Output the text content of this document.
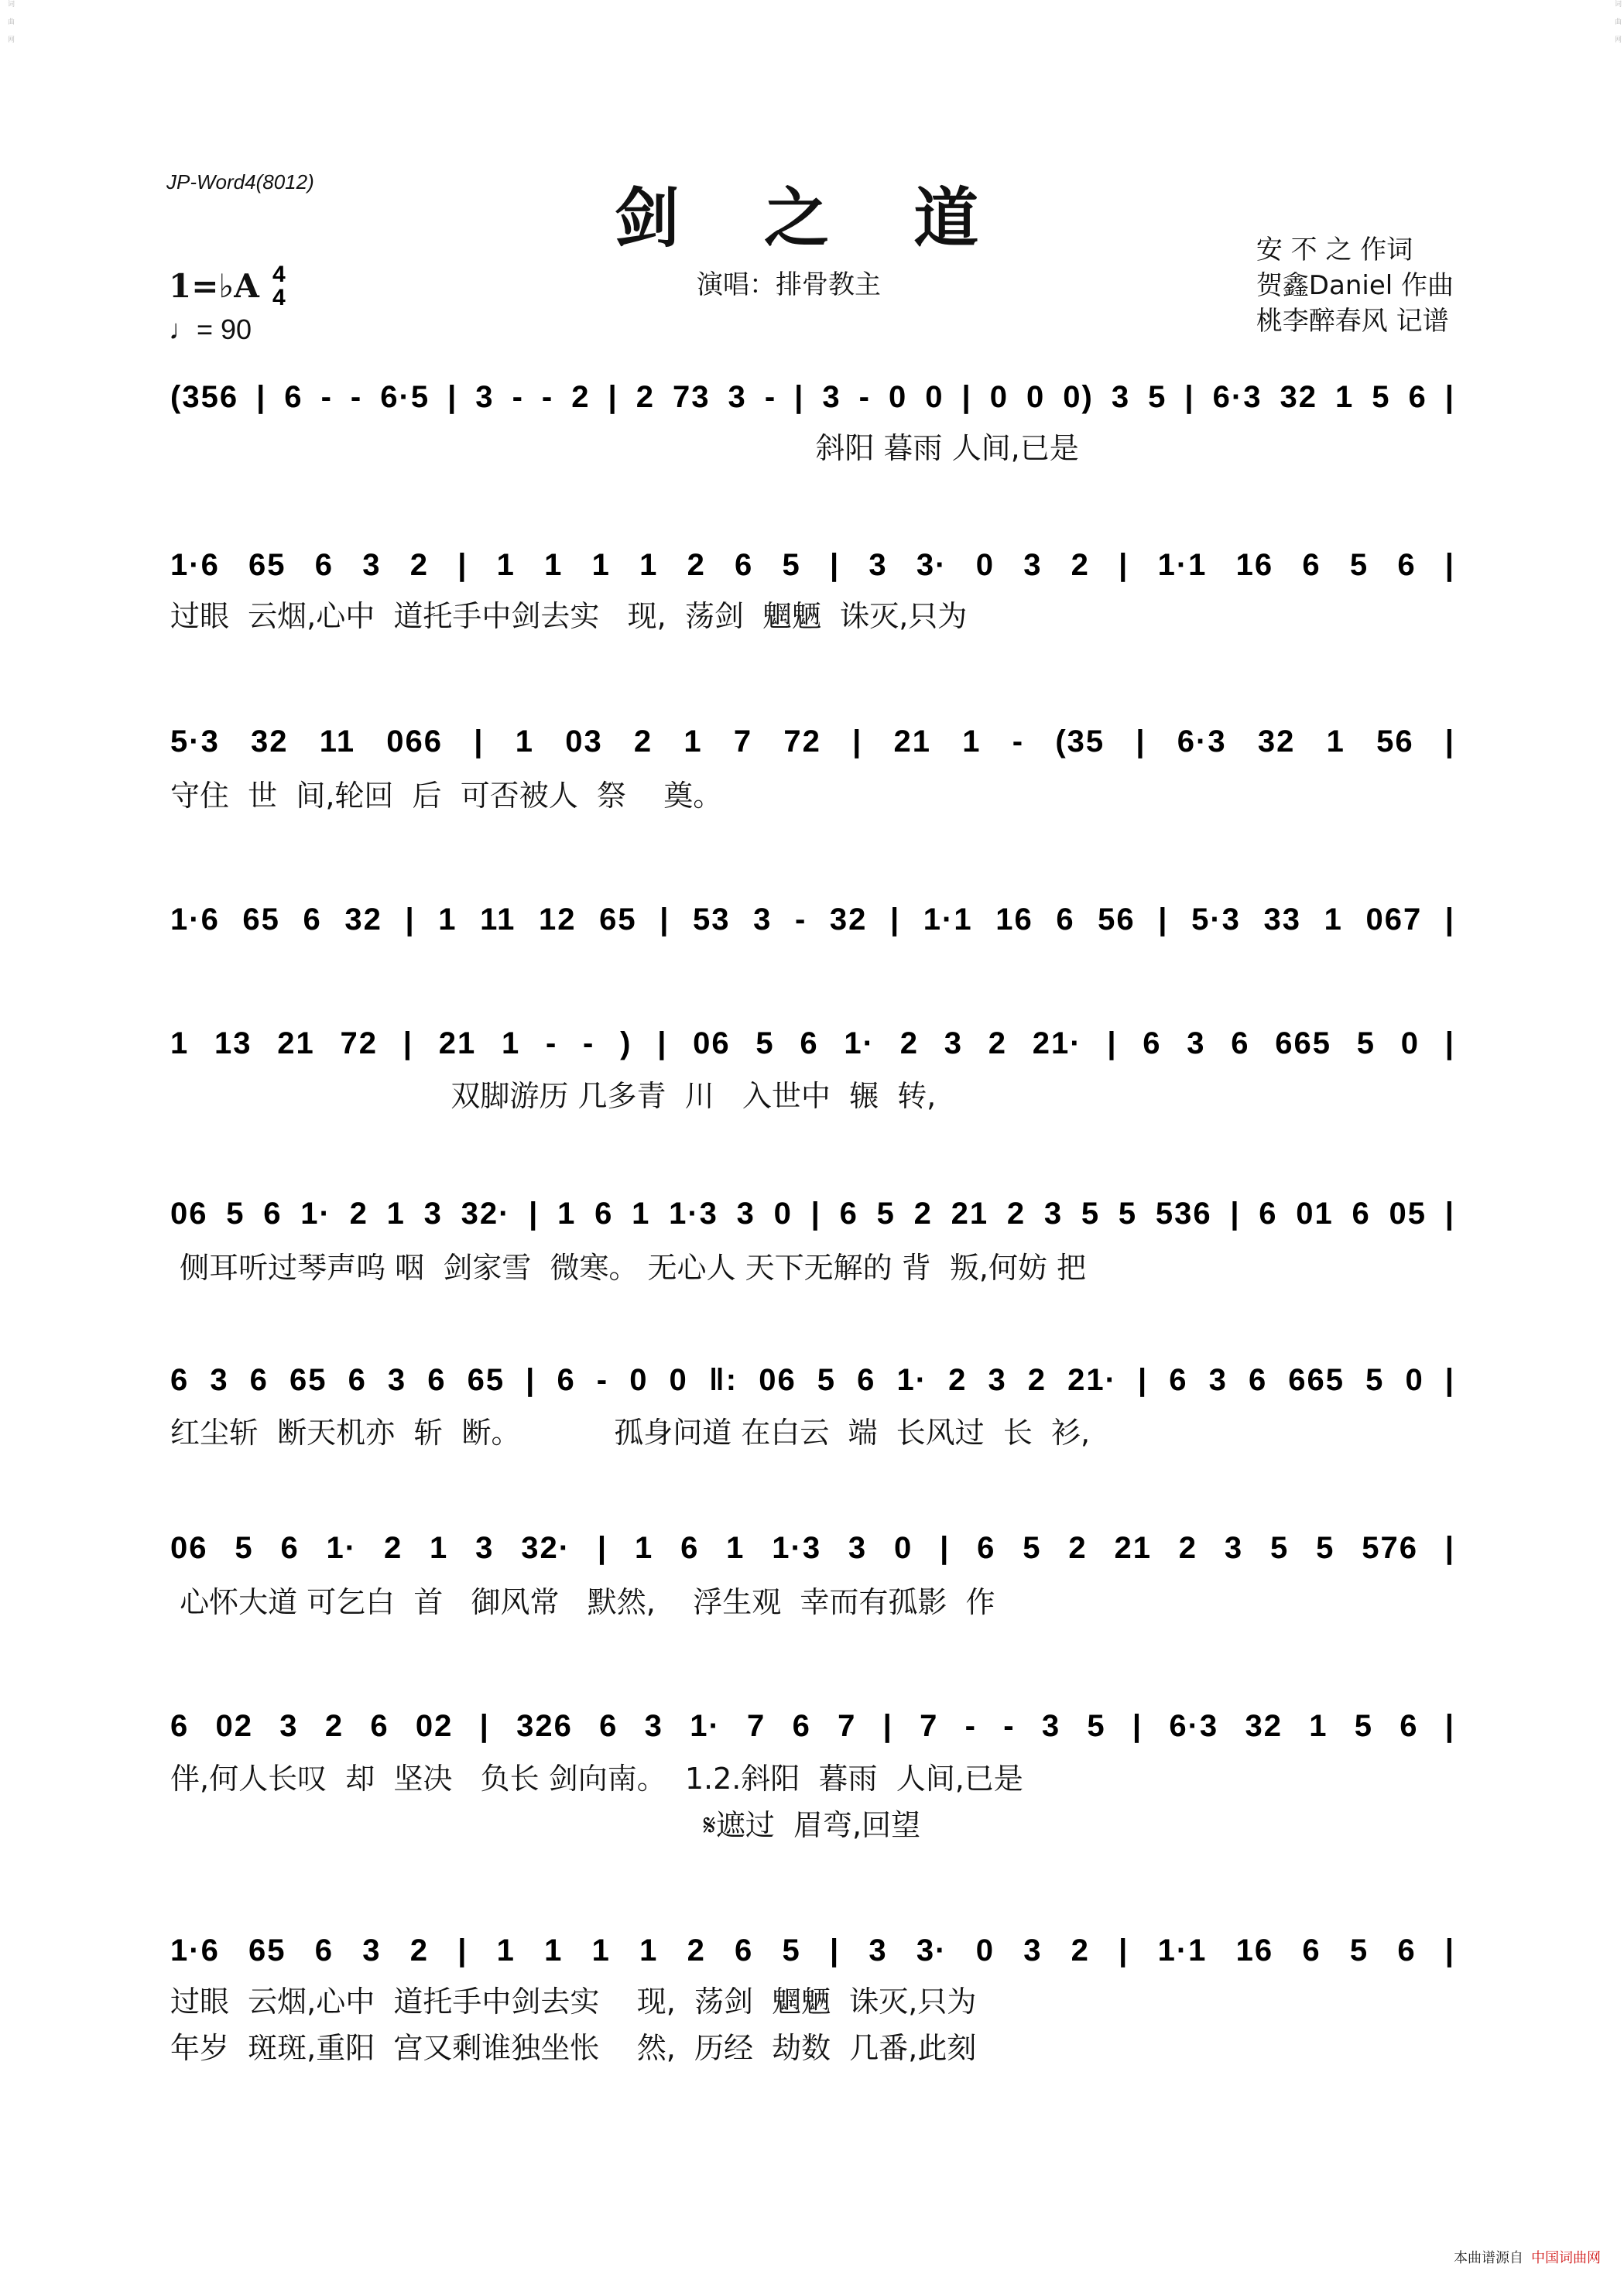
词曲网	词曲网
JP-Word4(8012)	剑 之 道
演唱：排骨教主
安 不 之 作词
贺鑫Daniel 作曲
桃李醉春风 记谱
1=♭A 4
4
♩= 90
(356 | 6 - - 6·5 | 3 - - 2 | 2 73 3 - | 3 - 0 0 | 0 0 0) 3 5 | 6·3 32 1 5 6 |
斜阳 暮雨 人间,已是
1·6 65 6 3 2 | 1 1 1 1 2 6 5 | 3 3· 0 3 2 | 1·1 16 6 5 6 |
过眼  云烟,心中  道托手中剑去实   现,  荡剑  魍魉  诛灭,只为
5·3 32 11 066 | 1 03 2 1 7 72 | 21 1 - (35 | 6·3 32 1 56 |
守住  世  间,轮回  后  可否被人  祭    奠。
1·6 65 6 32 | 1 11 12 65 | 53 3 - 32 | 1·1 16 6 56 | 5·3 33 1 067 |
1 13 21 72 | 21 1 - - ) | 06 5 6 1· 2 3 2 21· | 6 3 6 665 5 0 |
双脚游历 几多青  川   入世中  辗  转,
06 5 6 1· 2 1 3 32· | 1 6 1 1·3 3 0 | 6 5 2 21 2 3 5 5 536 | 6 01 6 05 |
侧耳听过琴声呜 咽  剑家雪  微寒。 无心人 天下无解的 背  叛,何妨 把
6 3 6 65 6 3 6 65 | 6 - 0 0 ‖: 06 5 6 1· 2 3 2 21· | 6 3 6 665 5 0 |
红尘斩  断天机亦  斩  断。          孤身问道 在白云  端  长风过  长  衫,
06 5 6 1· 2 1 3 32· | 1 6 1 1·3 3 0 | 6 5 2 21 2 3 5 5 576 |
心怀大道 可乞白  首   御风常   默然,    浮生观  幸而有孤影  作
6 02 3 2 6 02 | 326 6 3 1· 7 6 7 | 7 - - 3 5 | 6·3 32 1 5 6 |
伴,何人长叹  却  坚决   负长 剑向南。  1.2.斜阳  暮雨  人间,已是
𝄋遮过  眉弯,回望
1·6 65 6 3 2 | 1 1 1 1 2 6 5 | 3 3· 0 3 2 | 1·1 16 6 5 6 |
过眼  云烟,心中  道托手中剑去实    现,  荡剑  魍魉  诛灭,只为
年岁  斑斑,重阳  宫又剩谁独坐怅    然,  历经  劫数  几番,此刻
本曲谱源自 中国词曲网
